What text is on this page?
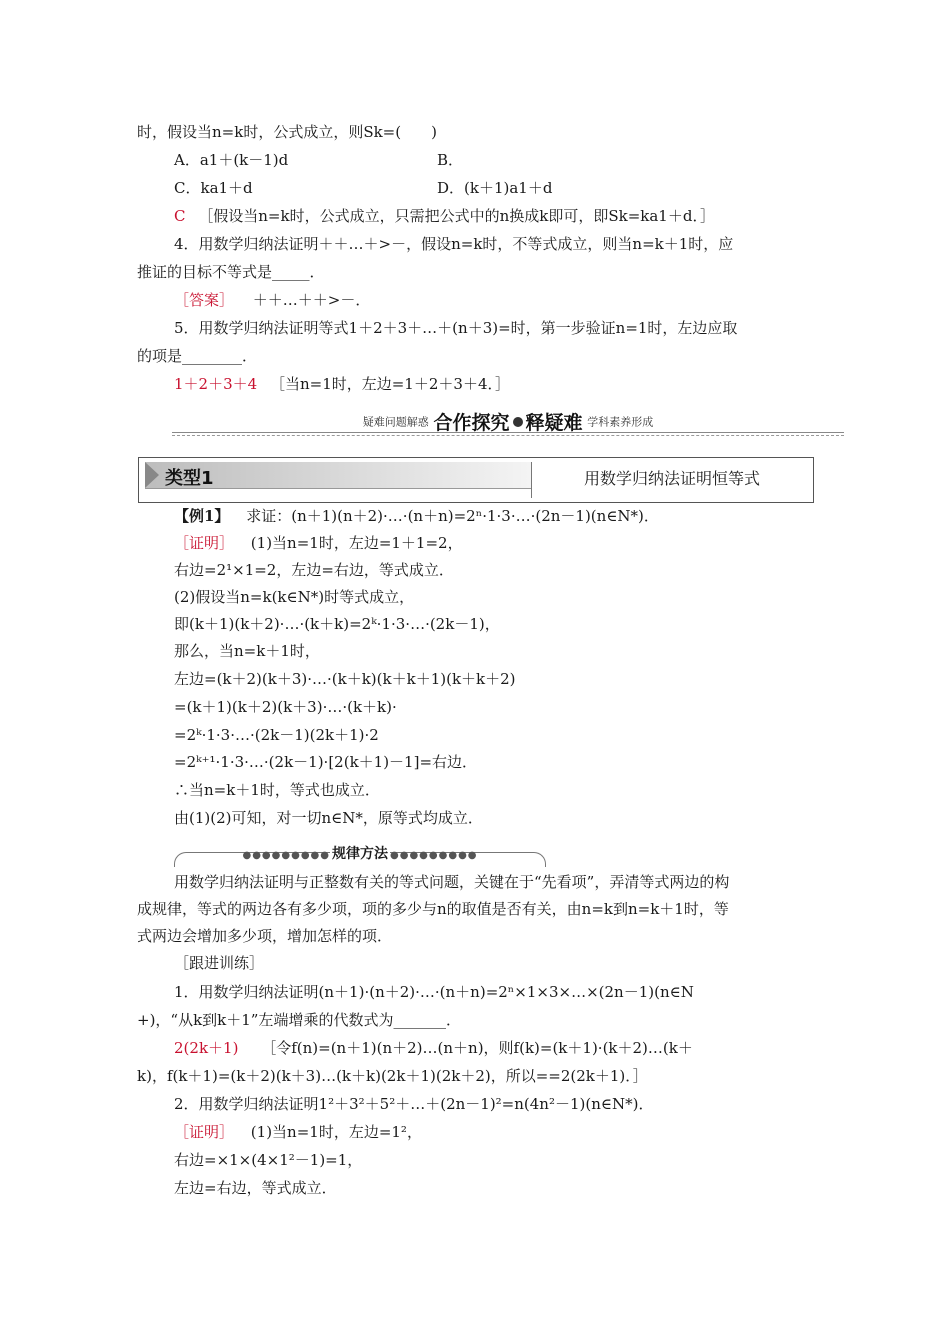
时，假设当n=k时，公式成立，则Sk=(　　)
A．a1＋(k－1)d	B．
C．ka1＋d	D．(k＋1)a1＋d
C ［假设当n=k时，公式成立，只需把公式中的n换成k即可，即Sk=ka1＋d．］
4．用数学归纳法证明＋＋…＋>－，假设n=k时，不等式成立，则当n=k＋1时，应
推证的目标不等式是_____．
［答案］ ＋＋…＋＋>－．
5．用数学归纳法证明等式1＋2＋3＋…＋(n＋3)=时，第一步验证n=1时，左边应取
的项是________．
1＋2＋3＋4 ［当n=1时，左边=1＋2＋3＋4．］
疑难问题解惑 合作探究 释疑难 学科素养形成
类型1	用数学归纳法证明恒等式
【例1】 求证：(n＋1)(n＋2)·…·(n＋n)=2ⁿ·1·3·…·(2n－1)(n∈N*)．
［证明］ (1)当n=1时，左边=1＋1=2，
右边=2¹×1=2，左边=右边，等式成立．
(2)假设当n=k(k∈N*)时等式成立，
即(k＋1)(k＋2)·…·(k＋k)=2ᵏ·1·3·…·(2k－1)，
那么，当n=k＋1时，
左边=(k＋2)(k＋3)·…·(k＋k)(k＋k＋1)(k＋k＋2)
=(k＋1)(k＋2)(k＋3)·…·(k＋k)·
=2ᵏ·1·3·…·(2k－1)(2k＋1)·2
=2ᵏ⁺¹·1·3·…·(2k－1)·[2(k＋1)－1]=右边．
∴当n=k＋1时，等式也成立．
由(1)(2)可知，对一切n∈N*，原等式均成立．
●●●●●●●●● 规律方法 ●●●●●●●●●
用数学归纳法证明与正整数有关的等式问题，关键在于“先看项”，弄清等式两边的构
成规律，等式的两边各有多少项，项的多少与n的取值是否有关，由n=k到n=k＋1时，等
式两边会增加多少项，增加怎样的项．
［跟进训练］
1．用数学归纳法证明(n＋1)·(n＋2)·…·(n＋n)=2ⁿ×1×3×…×(2n－1)(n∈N
+)，“从k到k＋1”左端增乘的代数式为_______．
2(2k＋1) ［令f(n)=(n＋1)(n＋2)…(n＋n)，则f(k)=(k＋1)·(k＋2)…(k＋
k)，f(k＋1)=(k＋2)(k＋3)…(k＋k)(2k＋1)(2k＋2)，所以==2(2k＋1)．］
2．用数学归纳法证明1²＋3²＋5²＋…＋(2n－1)²=n(4n²－1)(n∈N*)．
［证明］ (1)当n=1时，左边=1²，
右边=×1×(4×1²－1)=1，
左边=右边，等式成立．
